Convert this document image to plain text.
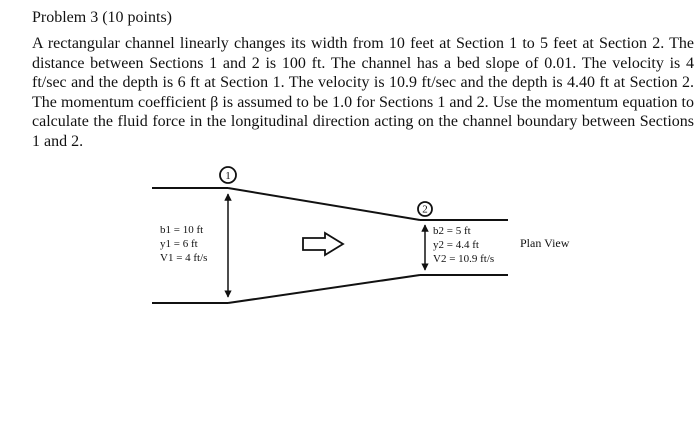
Problem 3 (10 points)
A rectangular channel linearly changes its width from 10 feet at Section 1 to 5 feet at Section 2. The distance between Sections 1 and 2 is 100 ft. The channel has a bed slope of 0.01. The velocity is 4 ft/sec and the depth is 6 ft at Section 1. The velocity is 10.9 ft/sec and the depth is 4.40 ft at Section 2. The momentum coefficient β is assumed to be 1.0 for Sections 1 and 2. Use the momentum equation to calculate the fluid force in the longitudinal direction acting on the channel boundary between Sections 1 and 2.
1
2
b1 = 10 ft
y1 = 6 ft
V1 = 4 ft/s
b2 = 5 ft
y2 = 4.4 ft
V2 = 10.9 ft/s
Plan View
